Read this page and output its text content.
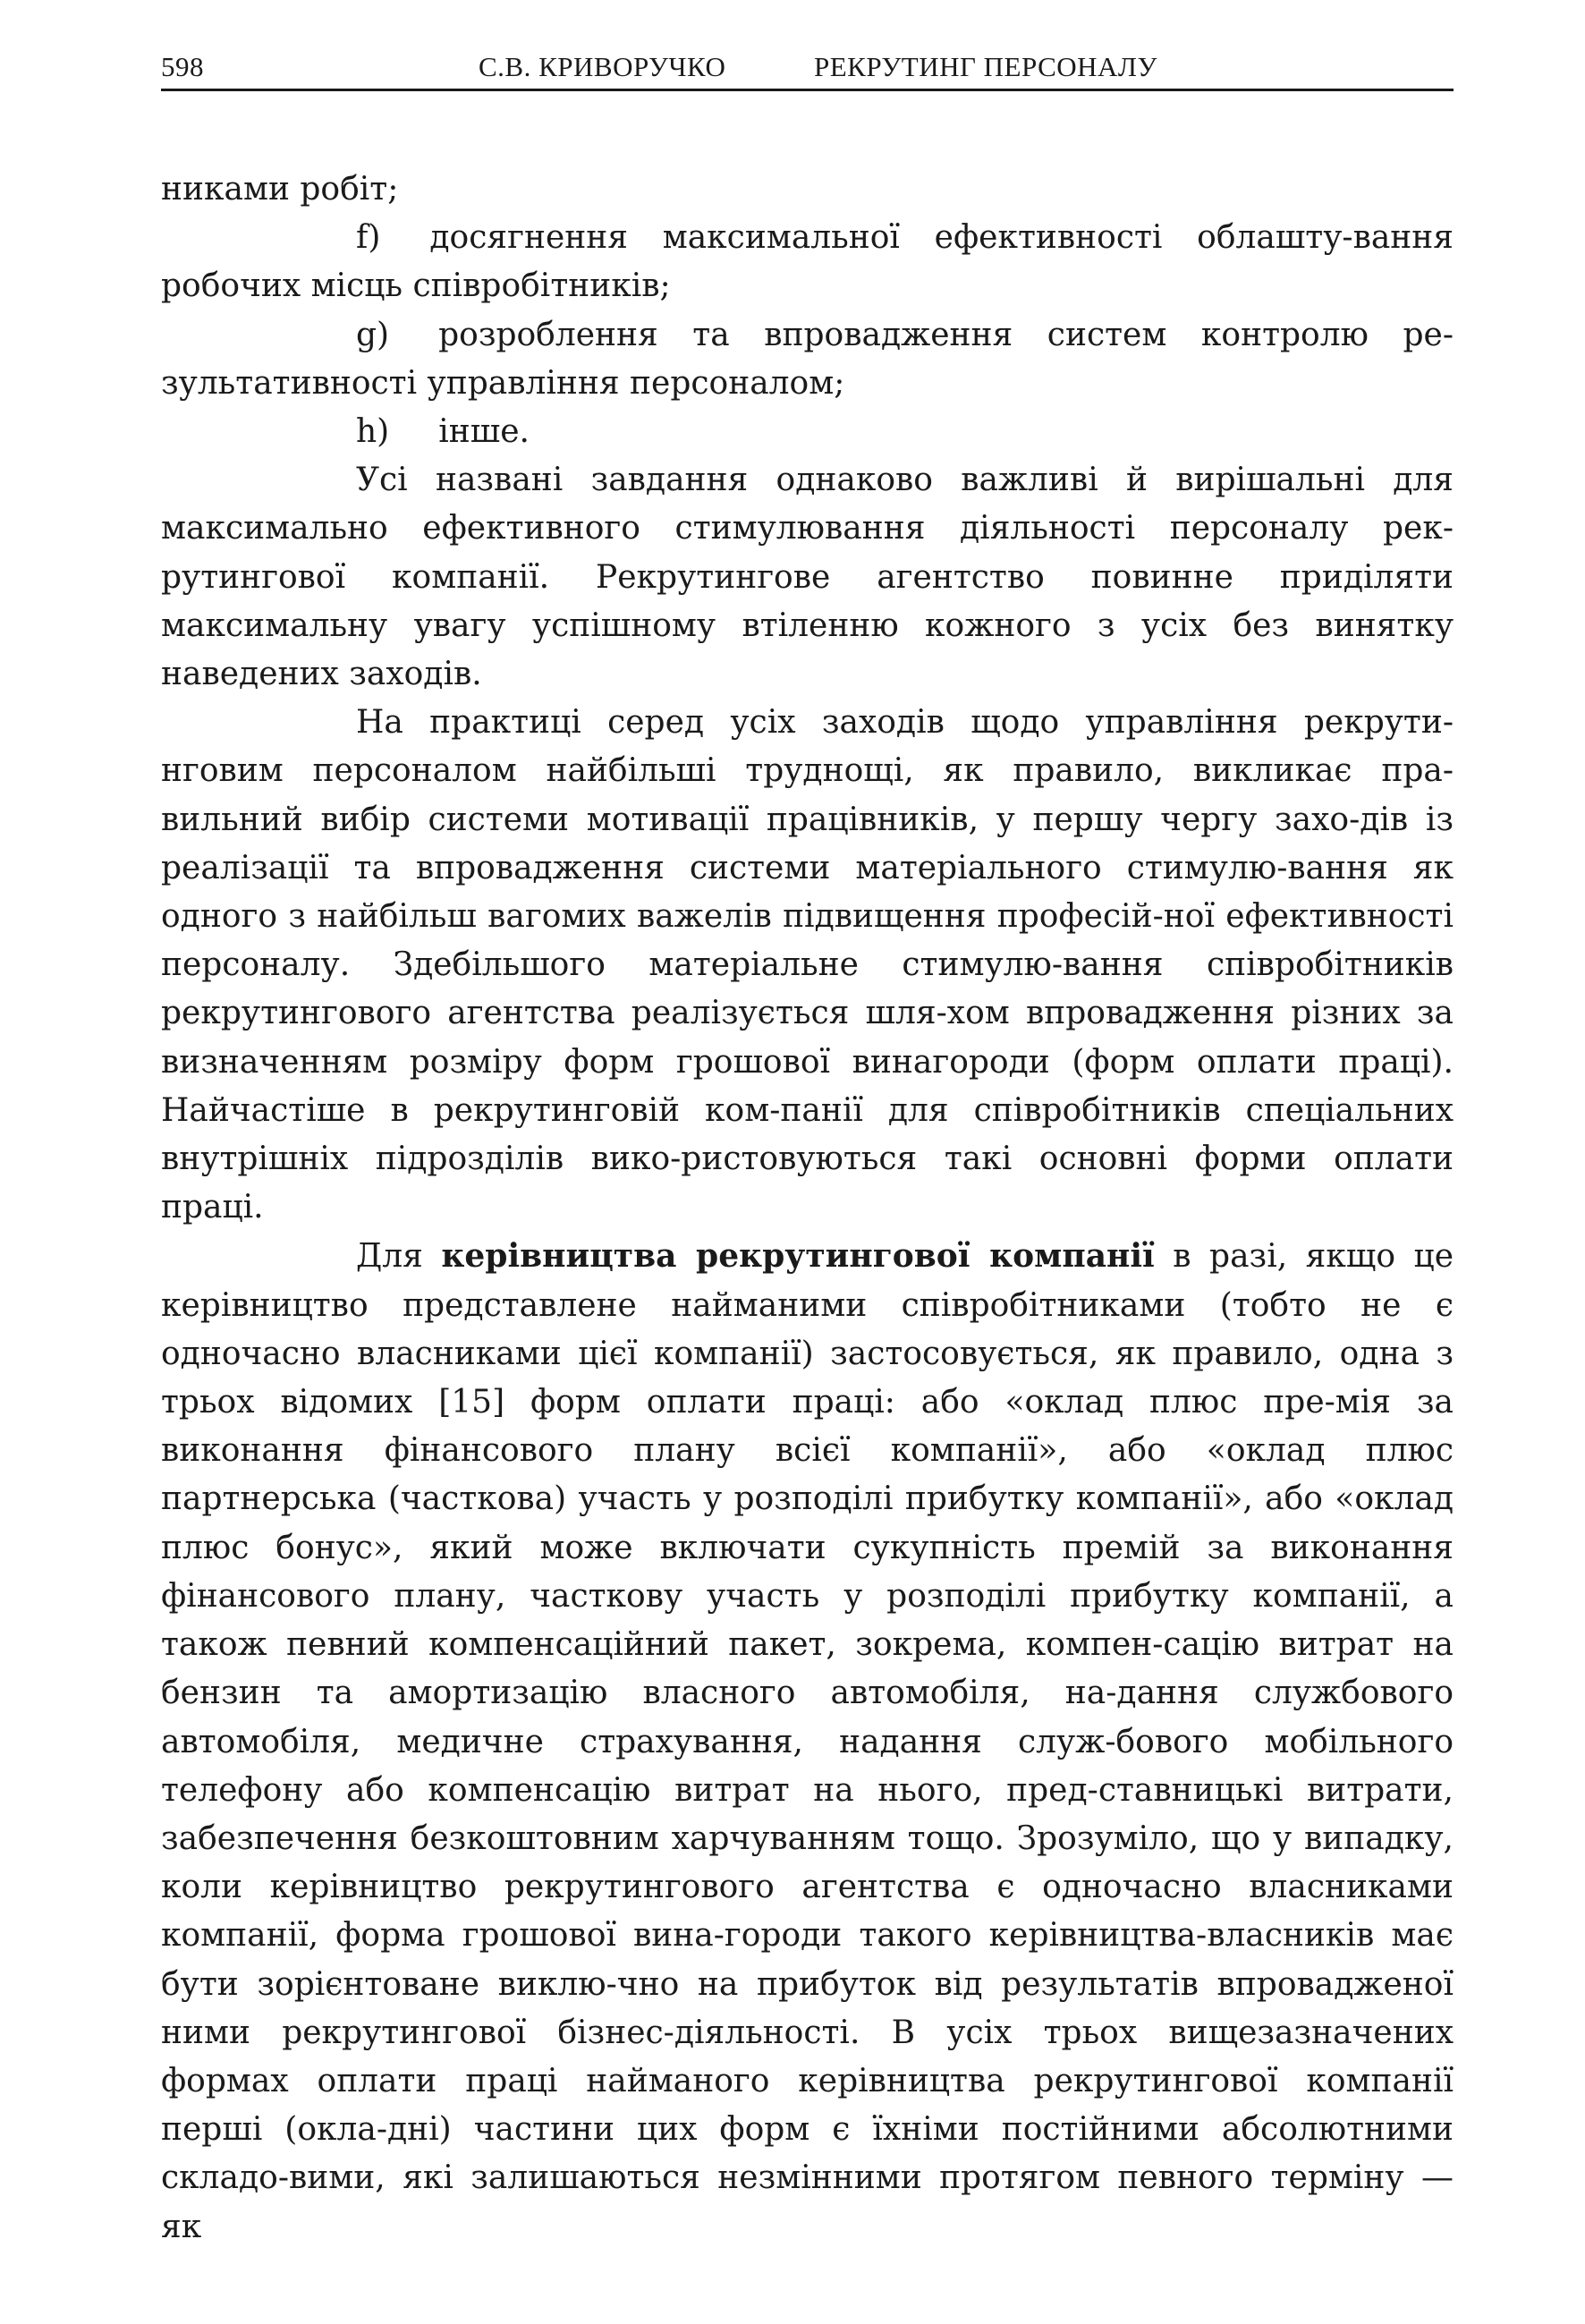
598	С.В. КРИВОРУЧКО	РЕКРУТИНГ ПЕРСОНАЛУ

никами робіт;

f) досягнення максимальної ефективності облашту-вання робочих місць співробітників;

g) розроблення та впровадження систем контролю ре-зультативності управління персоналом;

h) інше.

Усі названі завдання однаково важливі й вирішальні для максимально ефективного стимулювання діяльності персоналу рек-рутингової компанії. Рекрутингове агентство повинне приділяти максимальну увагу успішному втіленню кожного з усіх без винятку наведених заходів.

На практиці серед усіх заходів щодо управління рекрути-нговим персоналом найбільші труднощі, як правило, викликає пра-вильний вибір системи мотивації працівників, у першу чергу захо-дів із реалізації та впровадження системи матеріального стимулю-вання як одного з найбільш вагомих важелів підвищення професій-ної ефективності персоналу. Здебільшого матеріальне стимулю-вання співробітників рекрутингового агентства реалізується шля-хом впровадження різних за визначенням розміру форм грошової винагороди (форм оплати праці). Найчастіше в рекрутинговій ком-панії для співробітників спеціальних внутрішніх підрозділів вико-ристовуються такі основні форми оплати праці.

Для керівництва рекрутингової компанії в разі, якщо це керівництво представлене найманими співробітниками (тобто не є одночасно власниками цієї компанії) застосовується, як правило, одна з трьох відомих [15] форм оплати праці: або «оклад плюс пре-мія за виконання фінансового плану всієї компанії», або «оклад плюс партнерська (часткова) участь у розподілі прибутку компанії», або «оклад плюс бонус», який може включати сукупність премій за виконання фінансового плану, часткову участь у розподілі прибутку компанії, а також певний компенсаційний пакет, зокрема, компен-сацію витрат на бензин та амортизацію власного автомобіля, на-дання службового автомобіля, медичне страхування, надання служ-бового мобільного телефону або компенсацію витрат на нього, пред-ставницькі витрати, забезпечення безкоштовним харчуванням тощо. Зрозуміло, що у випадку, коли керівництво рекрутингового агентства є одночасно власниками компанії, форма грошової вина-городи такого керівництва-власників має бути зорієнтоване виклю-чно на прибуток від результатів впровадженої ними рекрутингової бізнес-діяльності. В усіх трьох вищезазначених формах оплати праці найманого керівництва рекрутингової компанії перші (окла-дні) частини цих форм є їхніми постійними абсолютними складо-вими, які залишаються незмінними протягом певного терміну — як
